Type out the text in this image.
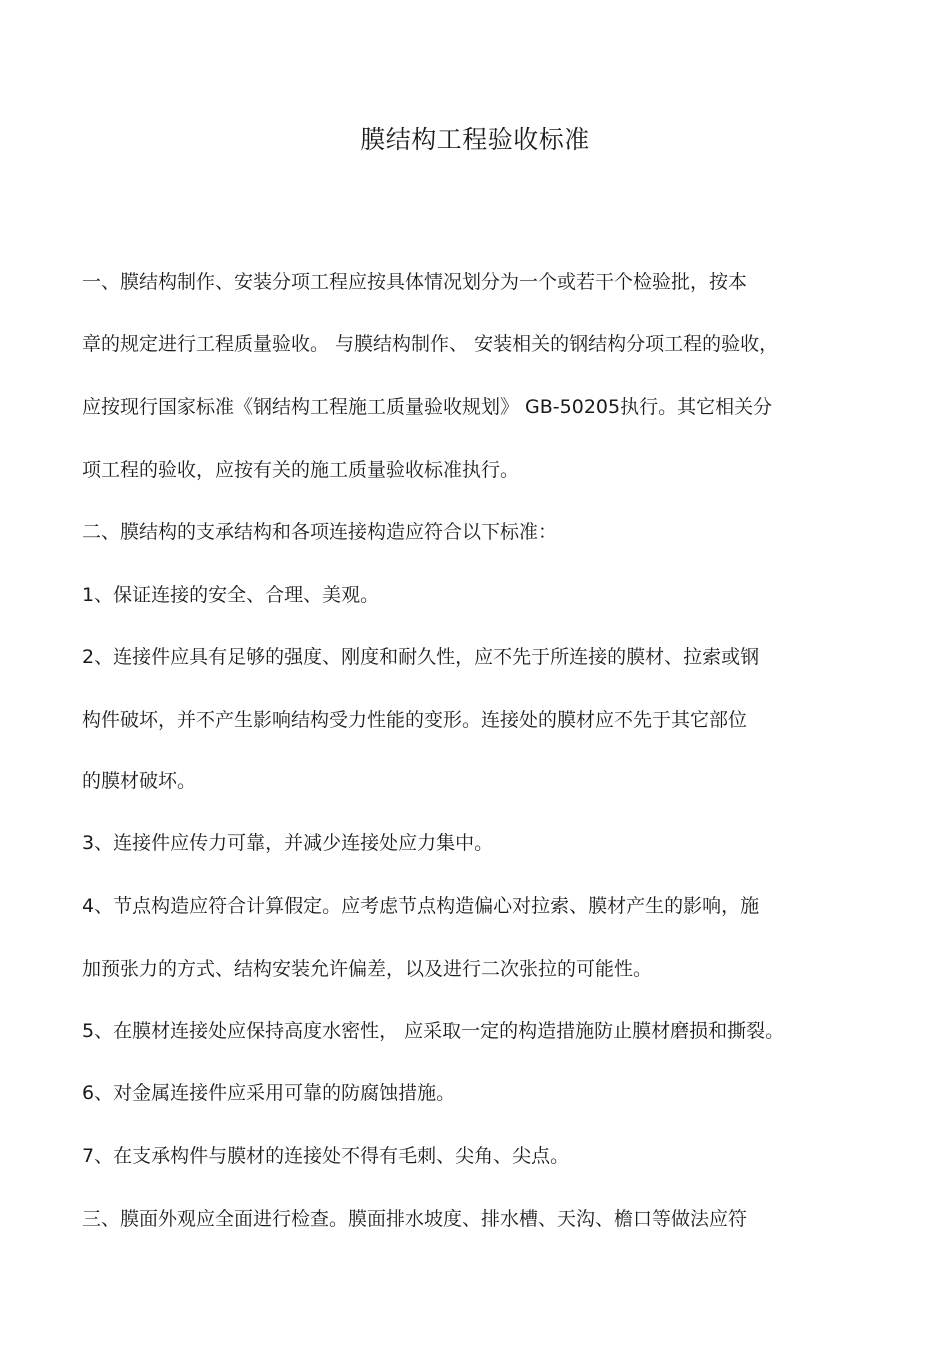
膜结构工程验收标准
一、膜结构制作、安装分项工程应按具体情况划分为一个或若干个检验批，按本
章的规定进行工程质量验收。 与膜结构制作、 安装相关的钢结构分项工程的验收，
应按现行国家标准《钢结构工程施工质量验收规划》 GB-50205执行。其它相关分
项工程的验收，应按有关的施工质量验收标准执行。
二、膜结构的支承结构和各项连接构造应符合以下标准：
1、保证连接的安全、合理、美观。
2、连接件应具有足够的强度、刚度和耐久性，应不先于所连接的膜材、拉索或钢
构件破坏，并不产生影响结构受力性能的变形。连接处的膜材应不先于其它部位
的膜材破坏。
3、连接件应传力可靠，并减少连接处应力集中。
4、节点构造应符合计算假定。应考虑节点构造偏心对拉索、膜材产生的影响，施
加预张力的方式、结构安装允许偏差，以及进行二次张拉的可能性。
5、在膜材连接处应保持高度水密性， 应采取一定的构造措施防止膜材磨损和撕裂。
6、对金属连接件应采用可靠的防腐蚀措施。
7、在支承构件与膜材的连接处不得有毛刺、尖角、尖点。
三、膜面外观应全面进行检查。膜面排水坡度、排水槽、天沟、檐口等做法应符
